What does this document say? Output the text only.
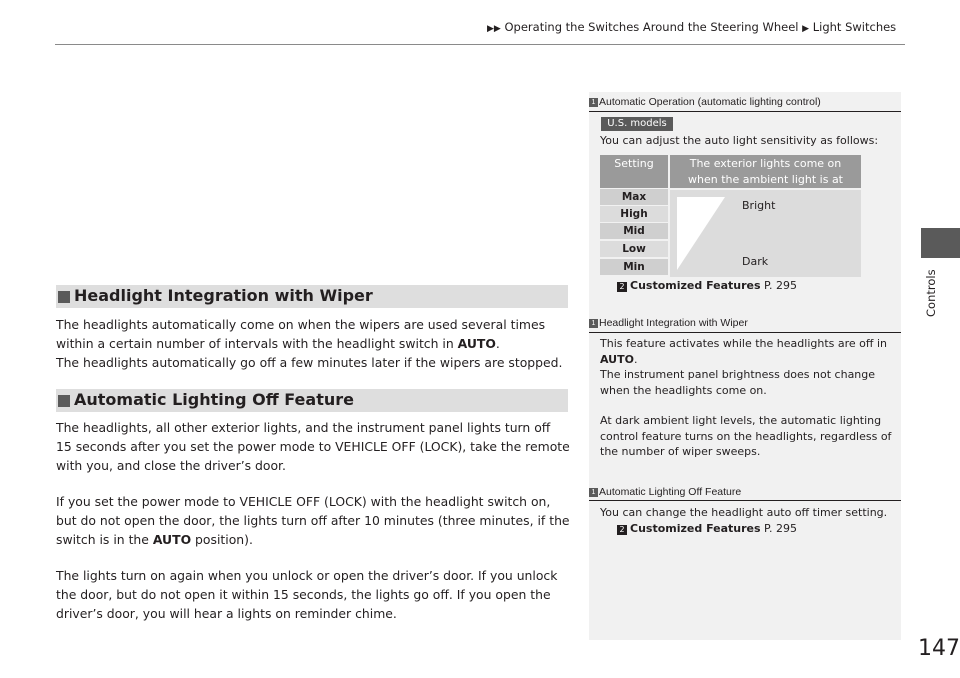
▶▶ Operating the Switches Around the Steering Wheel ▶ Light Switches
Controls
147
Headlight Integration with Wiper

The headlights automatically come on when the wipers are used several times within a certain number of intervals with the headlight switch in AUTO.

The headlights automatically go off a few minutes later if the wipers are stopped.

Automatic Lighting Off Feature

The headlights, all other exterior lights, and the instrument panel lights turn off 15 seconds after you set the power mode to VEHICLE OFF (LOCK), take the remote with you, and close the driver’s door.

If you set the power mode to VEHICLE OFF (LOCK) with the headlight switch on, but do not open the door, the lights turn off after 10 minutes (three minutes, if the switch is in the AUTO position).

The lights turn on again when you unlock or open the driver’s door. If you unlock the door, but do not open it within 15 seconds, the lights go off. If you open the driver’s door, you will hear a lights on reminder chime.

1 Automatic Operation (automatic lighting control)
U.S. models
You can adjust the auto light sensitivity as follows:
Setting	The exterior lights come on
when the ambient light is at
Max
High
Mid
Low
Min
Bright
Dark
2 Customized Features P. 295
1 Headlight Integration with Wiper

This feature activates while the headlights are off in AUTO.

The instrument panel brightness does not change when the headlights come on.

At dark ambient light levels, the automatic lighting control feature turns on the headlights, regardless of the number of wiper sweeps.

1 Automatic Lighting Off Feature
You can change the headlight auto off timer setting.
2 Customized Features P. 295
